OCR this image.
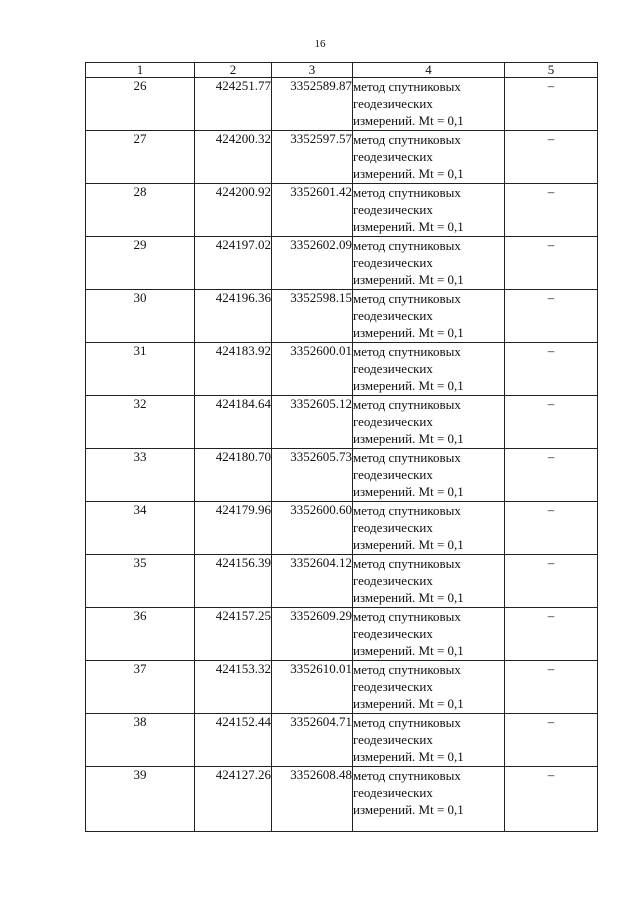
16
1	2	3	4	5
26	424251.77	3352589.87	метод спутниковых
геодезических
измерений. Mt = 0,1	–
27	424200.32	3352597.57	метод спутниковых
геодезических
измерений. Mt = 0,1	–
28	424200.92	3352601.42	метод спутниковых
геодезических
измерений. Mt = 0,1	–
29	424197.02	3352602.09	метод спутниковых
геодезических
измерений. Mt = 0,1	–
30	424196.36	3352598.15	метод спутниковых
геодезических
измерений. Mt = 0,1	–
31	424183.92	3352600.01	метод спутниковых
геодезических
измерений. Mt = 0,1	–
32	424184.64	3352605.12	метод спутниковых
геодезических
измерений. Mt = 0,1	–
33	424180.70	3352605.73	метод спутниковых
геодезических
измерений. Mt = 0,1	–
34	424179.96	3352600.60	метод спутниковых
геодезических
измерений. Mt = 0,1	–
35	424156.39	3352604.12	метод спутниковых
геодезических
измерений. Mt = 0,1	–
36	424157.25	3352609.29	метод спутниковых
геодезических
измерений. Mt = 0,1	–
37	424153.32	3352610.01	метод спутниковых
геодезических
измерений. Mt = 0,1	–
38	424152.44	3352604.71	метод спутниковых
геодезических
измерений. Mt = 0,1	–
39	424127.26	3352608.48	метод спутниковых
геодезических
измерений. Mt = 0,1	–
